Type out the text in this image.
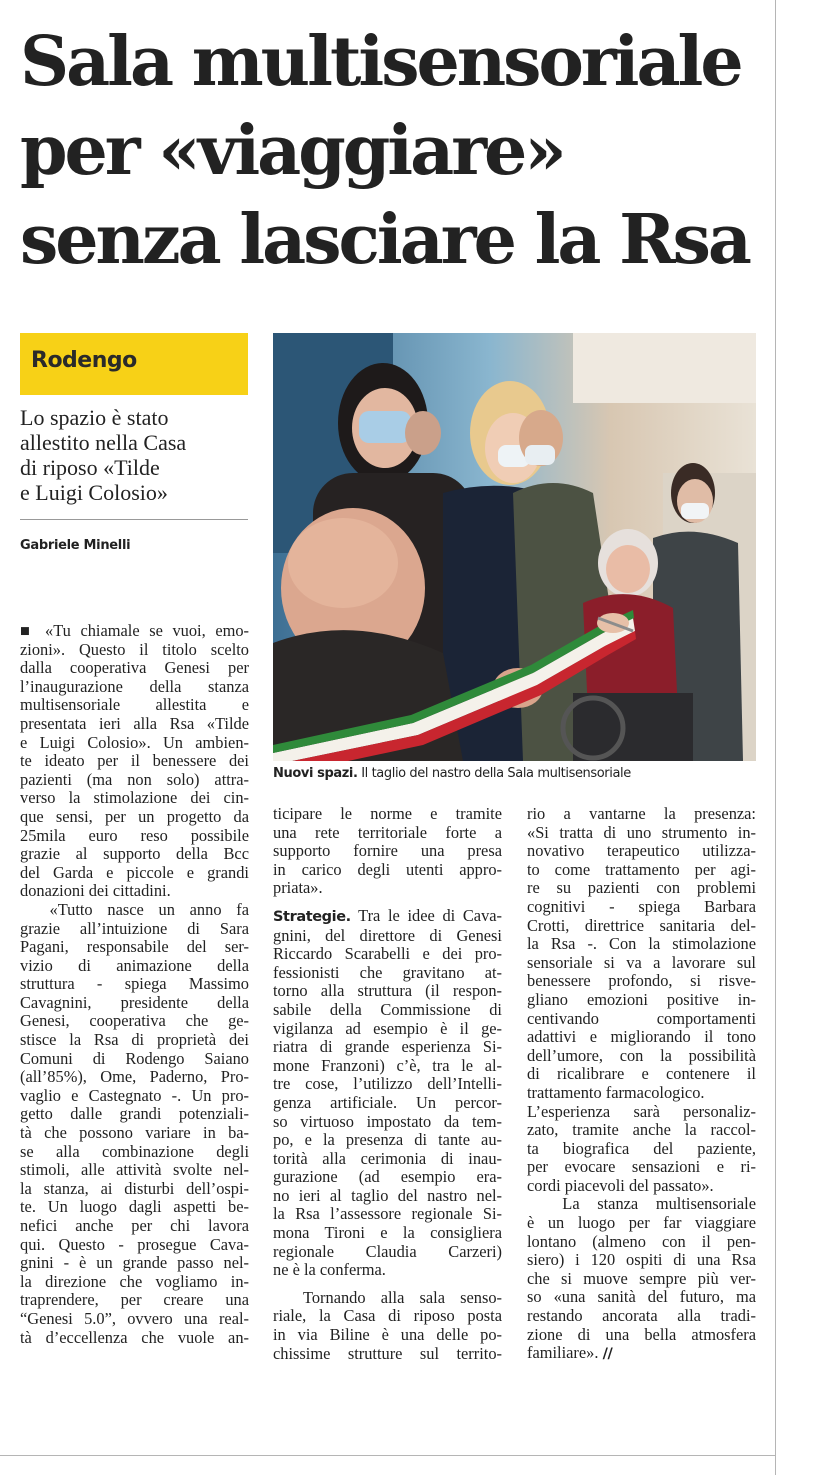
Sala multisensoriale
per «viaggiare»
senza lasciare la Rsa
Rodengo

Lo spazio è stato
allestito nella Casa
di riposo «Tilde
e Luigi Colosio»

Gabriele Minelli
Nuovi spazi. Il taglio del nastro della Sala multisensoriale
■ «Tu chiamale se vuoi, emo-
zioni». Questo il titolo scelto
dalla cooperativa Genesi per
l’inaugurazione della stanza
multisensoriale allestita e
presentata ieri alla Rsa «Tilde
e Luigi Colosio». Un ambien-
te ideato per il benessere dei
pazienti (ma non solo) attra-
verso la stimolazione dei cin-
que sensi, per un progetto da
25mila euro reso possibile
grazie al supporto della Bcc
del Garda e piccole e grandi
donazioni dei cittadini.
«Tutto nasce un anno fa
grazie all’intuizione di Sara
Pagani, responsabile del ser-
vizio di animazione della
struttura - spiega Massimo
Cavagnini, presidente della
Genesi, cooperativa che ge-
stisce la Rsa di proprietà dei
Comuni di Rodengo Saiano
(all’85%), Ome, Paderno, Pro-
vaglio e Castegnato -. Un pro-
getto dalle grandi potenziali-
tà che possono variare in ba-
se alla combinazione degli
stimoli, alle attività svolte nel-
la stanza, ai disturbi dell’ospi-
te. Un luogo dagli aspetti be-
nefici anche per chi lavora
qui. Questo - prosegue Cava-
gnini - è un grande passo nel-
la direzione che vogliamo in-
traprendere, per creare una
“Genesi 5.0”, ovvero una real-
tà d’eccellenza che vuole an-
ticipare le norme e tramite
una rete territoriale forte a
supporto fornire una presa
in carico degli utenti appro-
priata».
Strategie. Tra le idee di Cava-
gnini, del direttore di Genesi
Riccardo Scarabelli e dei pro-
fessionisti che gravitano at-
torno alla struttura (il respon-
sabile della Commissione di
vigilanza ad esempio è il ge-
riatra di grande esperienza Si-
mone Franzoni) c’è, tra le al-
tre cose, l’utilizzo dell’Intelli-
genza artificiale. Un percor-
so virtuoso impostato da tem-
po, e la presenza di tante au-
torità alla cerimonia di inau-
gurazione (ad esempio era-
no ieri al taglio del nastro nel-
la Rsa l’assessore regionale Si-
mona Tironi e la consigliera
regionale Claudia Carzeri)
ne è la conferma.
Tornando alla sala senso-
riale, la Casa di riposo posta
in via Biline è una delle po-
chissime strutture sul territo-
rio a vantarne la presenza:
«Si tratta di uno strumento in-
novativo terapeutico utilizza-
to come trattamento per agi-
re su pazienti con problemi
cognitivi - spiega Barbara
Crotti, direttrice sanitaria del-
la Rsa -. Con la stimolazione
sensoriale si va a lavorare sul
benessere profondo, si risve-
gliano emozioni positive in-
centivando comportamenti
adattivi e migliorando il tono
dell’umore, con la possibilità
di ricalibrare e contenere il
trattamento farmacologico.
L’esperienza sarà personaliz-
zato, tramite anche la raccol-
ta biografica del paziente,
per evocare sensazioni e ri-
cordi piacevoli del passato».
La stanza multisensoriale
è un luogo per far viaggiare
lontano (almeno con il pen-
siero) i 120 ospiti di una Rsa
che si muove sempre più ver-
so «una sanità del futuro, ma
restando ancorata alla tradi-
zione di una bella atmosfera
familiare». //
